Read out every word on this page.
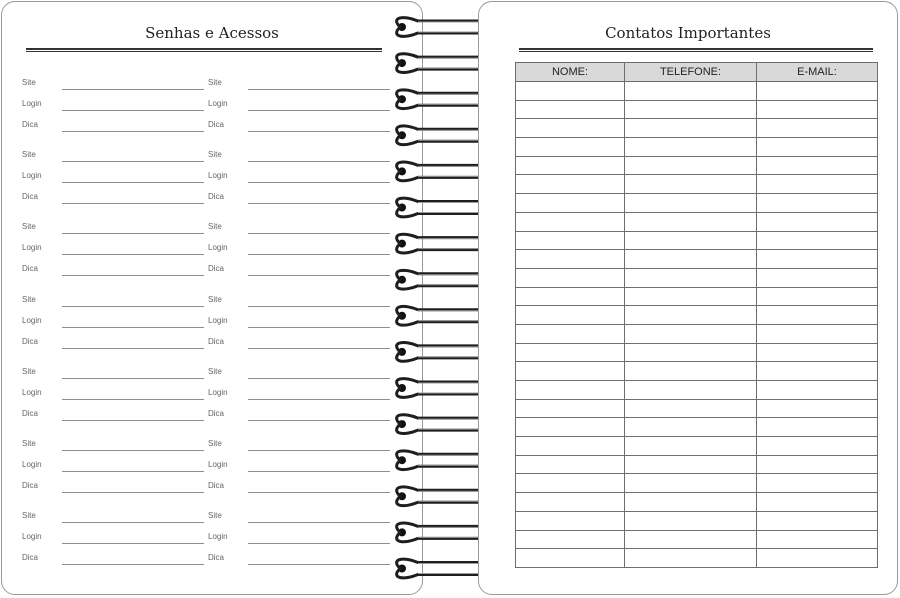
Senhas e Acessos
Site
Login
Dica
Site
Login
Dica
Site
Login
Dica
Site
Login
Dica
Site
Login
Dica
Site
Login
Dica
Site
Login
Dica
Site
Login
Dica
Site
Login
Dica
Site
Login
Dica
Site
Login
Dica
Site
Login
Dica
Site
Login
Dica
Site
Login
Dica
Contatos Importantes
NOME:	TELEFONE:	E-MAIL:
